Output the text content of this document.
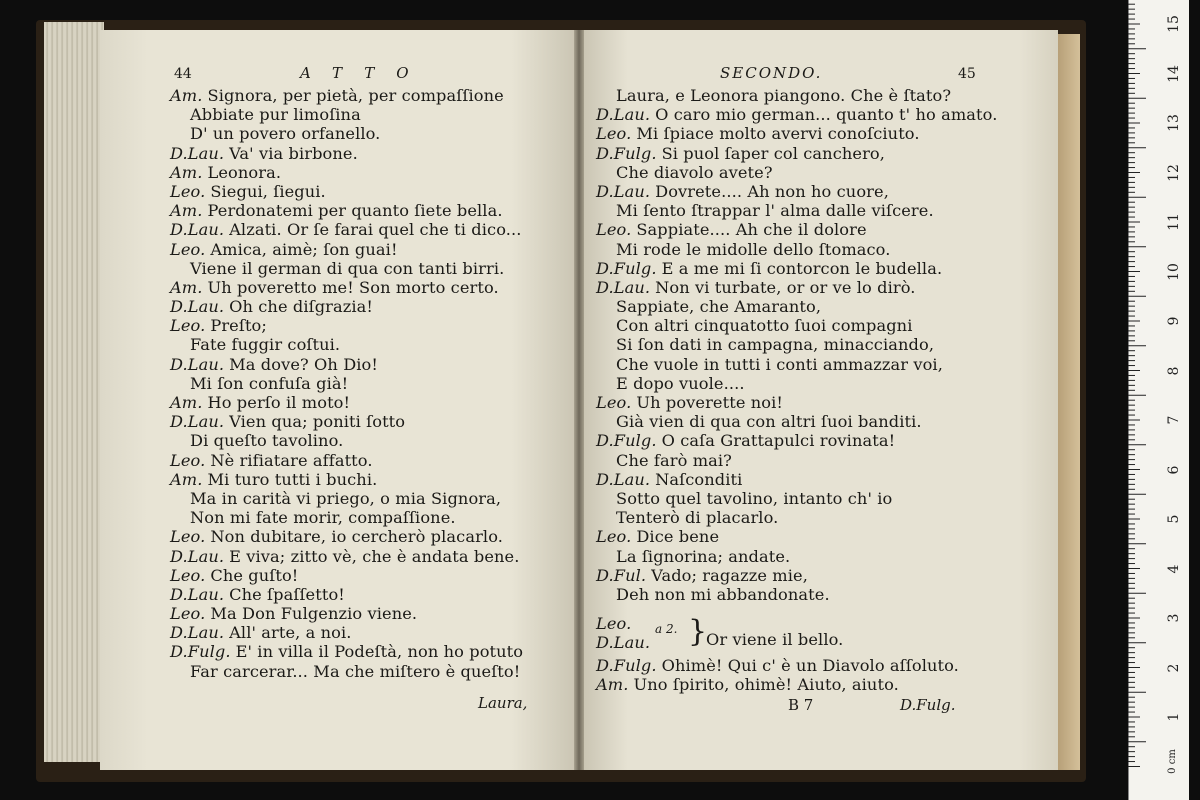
44	ATTO
Am. Signora, per pietà, per compaſſione
Abbiate pur limoſina
D' un povero orfanello.
D.Lau. Va' via birbone.
Am. Leonora.
Leo. Siegui, ſiegui.
Am. Perdonatemi per quanto ſiete bella.
D.Lau. Alzati. Or ſe farai quel che ti dico...
Leo. Amica, aimè; ſon guai!
Viene il german di qua con tanti birri.
Am. Uh poveretto me! Son morto certo.
D.Lau. Oh che diſgrazia!
Leo. Preſto;
Fate fuggir coſtui.
D.Lau. Ma dove? Oh Dio!
Mi ſon confuſa già!
Am. Ho perſo il moto!
D.Lau. Vien qua; poniti ſotto
Di queſto tavolino.
Leo. Nè rifiatare affatto.
Am. Mi turo tutti i buchi.
Ma in carità vi priego, o mia Signora,
Non mi fate morir, compaſſione.
Leo. Non dubitare, io cercherò placarlo.
D.Lau. E viva; zitto vè, che è andata bene.
Leo. Che guſto!
D.Lau. Che ſpaſſetto!
Leo. Ma Don Fulgenzio viene.
D.Lau. All' arte, a noi.
D.Fulg. E' in villa il Podeſtà, non ho potuto
Far carcerar... Ma che miſtero è queſto!
Laura,
SECONDO.	45
Laura, e Leonora piangono. Che è ſtato?
D.Lau. O caro mio german... quanto t' ho amato.
Leo. Mi ſpiace molto avervi conoſciuto.
D.Fulg. Si puol ſaper col canchero,
Che diavolo avete?
D.Lau. Dovrete.... Ah non ho cuore,
Mi ſento ſtrappar l' alma dalle viſcere.
Leo. Sappiate.... Ah che il dolore
Mi rode le midolle dello ſtomaco.
D.Fulg. E a me mi ſi contorcon le budella.
D.Lau. Non vi turbate, or or ve lo dirò.
Sappiate, che Amaranto,
Con altri cinquatotto ſuoi compagni
Si ſon dati in campagna, minacciando,
Che vuole in tutti i conti ammazzar voi,
E dopo vuole....
Leo. Uh poverette noi!
Già vien di qua con altri ſuoi banditi.
D.Fulg. O caſa Grattapulci rovinata!
Che farò mai?
D.Lau. Naſconditi
Sotto quel tavolino, intanto ch' io
Tenterò di placarlo.
Leo. Dice bene
La ſignorina; andate.
D.Ful. Vado; ragazze mie,
Deh non mi abbandonate.
Leo.
D.Lau.
a 2. }
Or viene il bello.
D.Fulg. Ohimè! Qui c' è un Diavolo aſſoluto.
Am. Uno ſpirito, ohimè! Aiuto, aiuto.
B 7	D.Fulg.
15
14
13
12
11
10
9
8
7
6
5
4
3
2
1
0 cm
